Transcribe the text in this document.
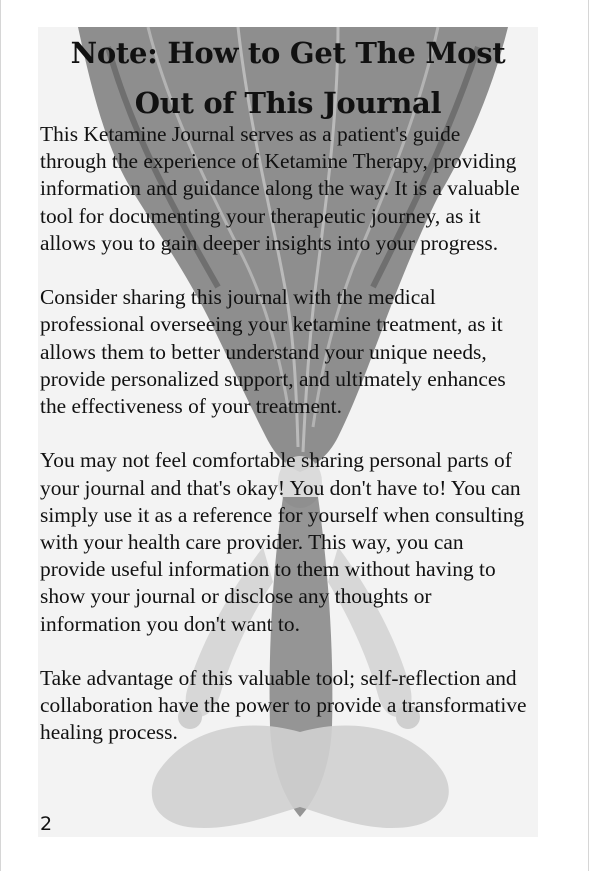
Note: How to Get The Most Out of This Journal

This Ketamine Journal serves as a patient's guide through the experience of Ketamine Therapy, providing information and guidance along the way. It is a valuable tool for documenting your therapeutic journey, as it allows you to gain deeper insights into your progress.

Consider sharing this journal with the medical professional overseeing your ketamine treatment, as it allows them to better understand your unique needs, provide personalized support, and ultimately enhances the effectiveness of your treatment.

You may not feel comfortable sharing personal parts of your journal and that's okay! You don't have to! You can simply use it as a reference for yourself when consulting with your health care provider. This way, you can provide useful information to them without having to show your journal or disclose any thoughts or information you don't want to.

Take advantage of this valuable tool; self-reflection and collaboration have the power to provide a transformative healing process.

2
